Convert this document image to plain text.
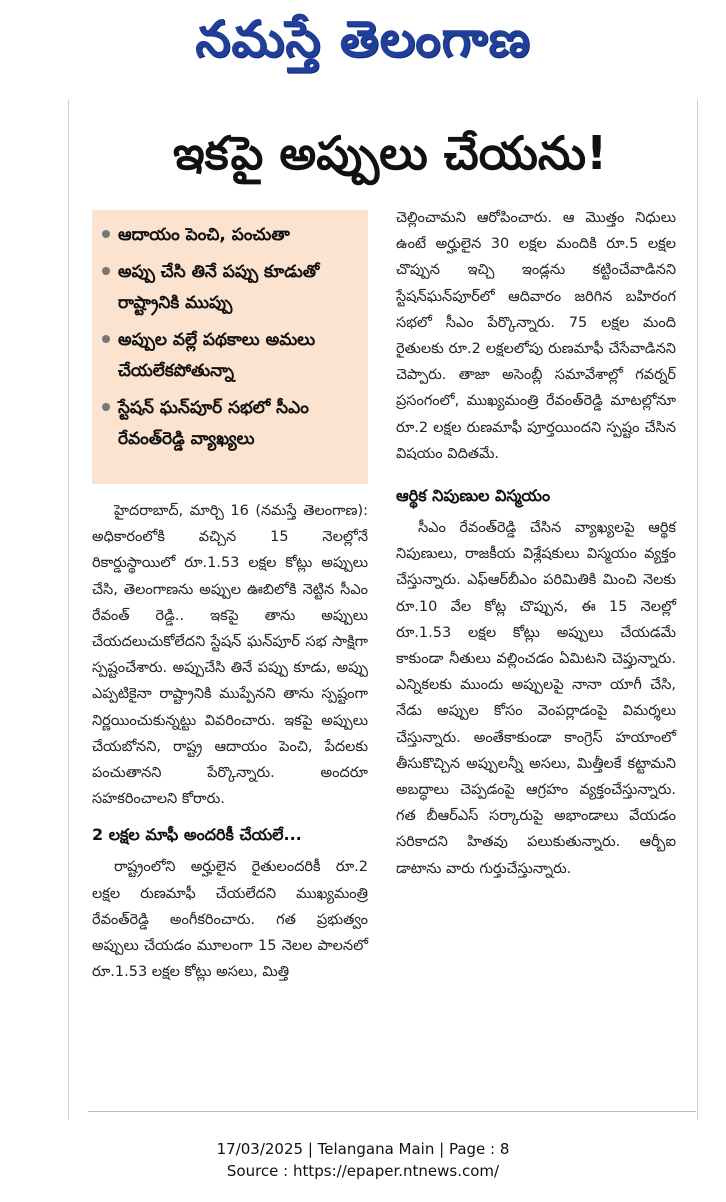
నమస్తే తెలంగాణ
ఇకపై అప్పులు చేయను!
ఆదాయం పెంచి, పంచుతా
అప్పు చేసి తినే పప్పు కూడుతో రాష్ట్రానికి ముప్పు
అప్పుల వల్లే పథకాలు అమలు చేయలేకపోతున్నా
స్టేషన్ ఘన్‌పూర్ సభలో సీఎం రేవంత్‌రెడ్డి వ్యాఖ్యలు

హైదరాబాద్, మార్చి 16 (నమస్తే తెలంగాణ): అధికారంలోకి వచ్చిన 15 నెలల్లోనే రికార్డుస్థాయిలో రూ.1.53 లక్షల కోట్లు అప్పులు చేసి, తెలంగాణను అప్పుల ఊబిలోకి నెట్టిన సీఎం రేవంత్ రెడ్డి.. ఇకపై తాను అప్పులు చేయదలుచుకోలేదని స్టేషన్ ఘన్‌పూర్ సభ సాక్షిగా స్పష్టంచేశారు. అప్పుచేసి తినే పప్పు కూడు, అప్పు ఎప్పటికైనా రాష్ట్రానికి ముప్పేనని తాను స్పష్టంగా నిర్ణయించుకున్నట్టు వివరించారు. ఇకపై అప్పులు చేయబోనని, రాష్ట్ర ఆదాయం పెంచి, పేదలకు పంచుతానని పేర్కొన్నారు. అందరూ సహకరించాలని కోరారు.

2 లక్షల మాఫీ అందరికీ చేయలే...

రాష్ట్రంలోని అర్హులైన రైతులందరికీ రూ.2 లక్షల రుణమాఫీ చేయలేదని ముఖ్యమంత్రి రేవంత్‌రెడ్డి అంగీకరించారు. గత ప్రభుత్వం అప్పులు చేయడం మూలంగా 15 నెలల పాలనలో రూ.1.53 లక్షల కోట్లు అసలు, మిత్తి

చెల్లించామని ఆరోపించారు. ఆ మొత్తం నిధులు ఉంటే అర్హులైన 30 లక్షల మందికి రూ.5 లక్షల చొప్పున ఇచ్చి ఇండ్లను కట్టించేవాడినని స్టేషన్‌ఘన్‌పూర్‌లో ఆదివారం జరిగిన బహిరంగ సభలో సీఎం పేర్కొన్నారు. 75 లక్షల మంది రైతులకు రూ.2 లక్షలలోపు రుణమాఫీ చేసేవాడినని చెప్పారు. తాజా అసెంబ్లీ సమావేశాల్లో గవర్నర్ ప్రసంగంలో, ముఖ్యమంత్రి రేవంత్‌రెడ్డి మాటల్లోనూ రూ.2 లక్షల రుణమాఫీ పూర్తయిందని స్పష్టం చేసిన విషయం విదితమే.

ఆర్థిక నిపుణుల విస్మయం

సీఎం రేవంత్‌రెడ్డి చేసిన వ్యాఖ్యలపై ఆర్థిక నిపుణులు, రాజకీయ విశ్లేషకులు విస్మయం వ్యక్తం చేస్తున్నారు. ఎఫ్‌ఆర్‌బీఎం పరిమితికి మించి నెలకు రూ.10 వేల కోట్ల చొప్పున, ఈ 15 నెలల్లో రూ.1.53 లక్షల కోట్లు అప్పులు చేయడమే కాకుండా నీతులు వల్లించడం ఏమిటని చెప్తున్నారు. ఎన్నికలకు ముందు అప్పులపై నానా యాగీ చేసి, నేడు అప్పుల కోసం వెంపర్లాడంపై విమర్శలు చేస్తున్నారు. అంతేకాకుండా కాంగ్రెస్ హయాంలో తీసుకొచ్చిన అప్పులన్నీ అసలు, మిత్తీలకే కట్టామని అబద్ధాలు చెప్పడంపై ఆగ్రహం వ్యక్తంచేస్తున్నారు. గత బీఆర్‌ఎస్ సర్కారుపై అభాండాలు వేయడం సరికాదని హితవు పలుకుతున్నారు. ఆర్బీఐ డాటాను వారు గుర్తుచేస్తున్నారు.

17/03/2025 | Telangana Main | Page : 8
Source : https://epaper.ntnews.com/
